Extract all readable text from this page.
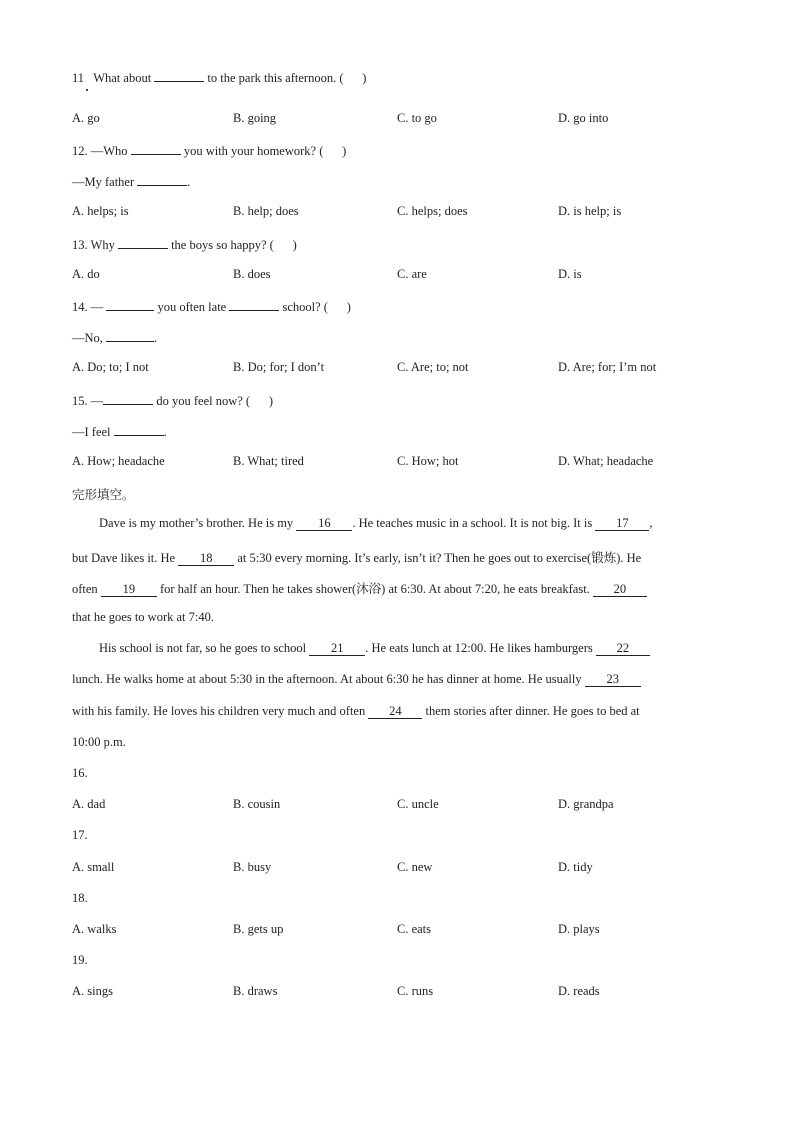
11 What about	to the park this afternoon. ( )
A. go	B. going	C. to go	D. go into
12. —Who	you with your homework? ( )
—My father	.
A. helps; is	B. help; does	C. helps; does	D. is help; is
13. Why	the boys so happy? ( )
A. do	B. does	C. are	D. is
14. —	you often late	school? ( )
—No,	.
A. Do; to; I not	B. Do; for; I don’t	C. Are; to; not	D. Are; for; I’m not
15. —	do you feel now? ( )
—I feel	.
A. How; headache	B. What; tired	C. How; hot	D. What; headache
完形填空。
Dave is my mother’s brother. He is my 16 . He teaches music in a school. It is not big. It is 17 ,
but Dave likes it. He 18 at 5:30 every morning. It’s early, isn’t it? Then he goes out to exercise(锻炼). He
often 19 for half an hour. Then he takes shower(沐浴) at 6:30. At about 7:20, he eats breakfast. 20
that he goes to work at 7:40.
His school is not far, so he goes to school 21 . He eats lunch at 12:00. He likes hamburgers 22
lunch. He walks home at about 5:30 in the afternoon. At about 6:30 he has dinner at home. He usually 23
with his family. He loves his children very much and often 24 them stories after dinner. He goes to bed at
10:00 p.m.
16.
A. dad	B. cousin	C. uncle	D. grandpa
17.
A. small	B. busy	C. new	D. tidy
18.
A. walks	B. gets up	C. eats	D. plays
19.
A. sings	B. draws	C. runs	D. reads
